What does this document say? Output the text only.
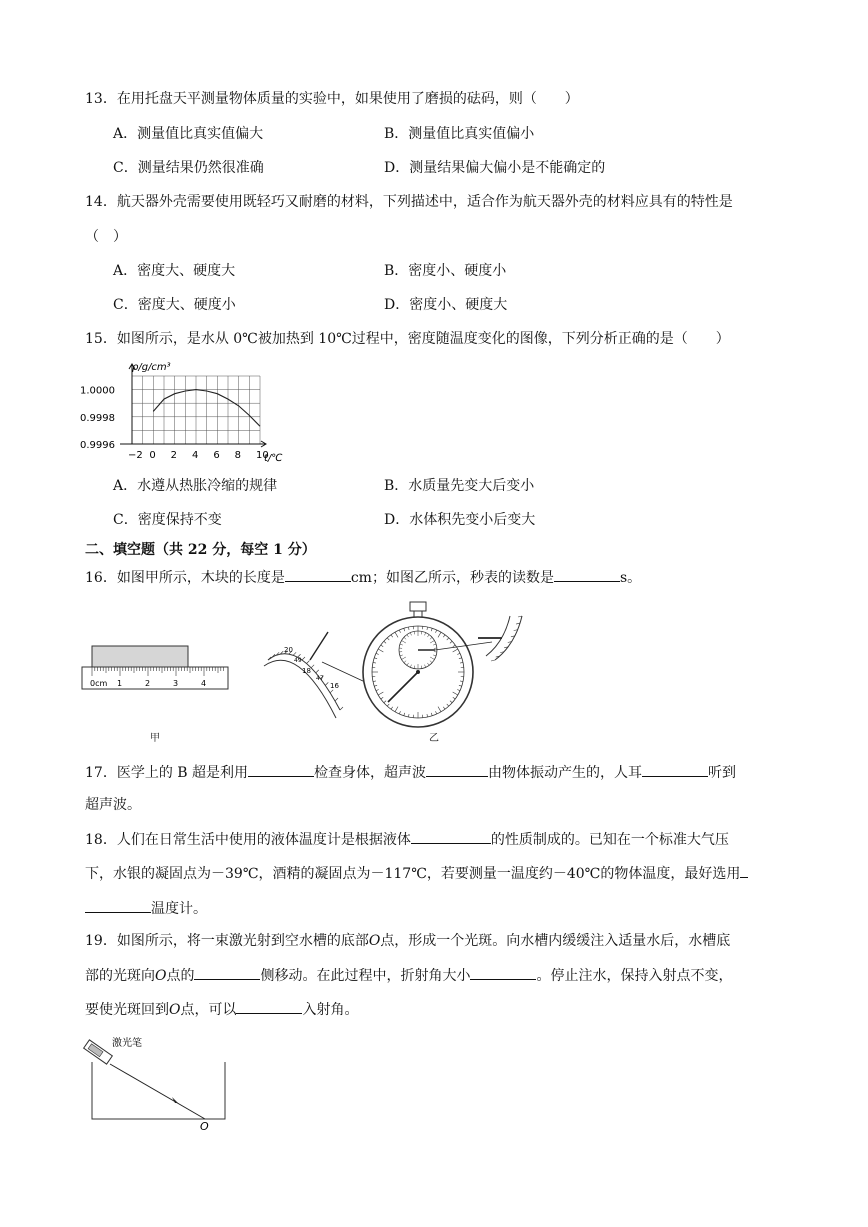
13．在用托盘天平测量物体质量的实验中，如果使用了磨损的砝码，则（　　）
A．测量值比真实值偏大	B．测量值比真实值偏小
C．测量结果仍然很准确	D．测量结果偏大偏小是不能确定的
14．航天器外壳需要使用既轻巧又耐磨的材料，下列描述中，适合作为航天器外壳的材料应具有的特性是
（　）
A．密度大、硬度大	B．密度小、硬度小
C．密度大、硬度小	D．密度小、硬度大
15．如图所示，是水从 0℃被加热到 10℃过程中，密度随温度变化的图像，下列分析正确的是（　　）
−2 0 2 4 6 8 10
1.0000
0.9998
0.9996
ρ/g/cm³
t/℃
A．水遵从热胀冷缩的规律	B．水质量先变大后变小
C．密度保持不变	D．水体积先变小后变大
二、填空题（共 22 分，每空 1 分）
16．如图甲所示，木块的长度是	cm；如图乙所示，秒表的读数是	s。
0cm 1	2	3	4
甲
20
49
18
47
16
乙
17．医学上的 B 超是利用	检查身体，超声波	由物体振动产生的，人耳	听到
超声波。
18．人们在日常生活中使用的液体温度计是根据液体	的性质制成的。已知在一个标准大气压
下，水银的凝固点为－39℃，酒精的凝固点为－117℃，若要测量一温度约－40℃的物体温度，最好选用
温度计。
19．如图所示，将一束激光射到空水槽的底部O点，形成一个光斑。向水槽内缓缓注入适量水后，水槽底
部的光斑向O点的	侧移动。在此过程中，折射角大小	。停止注水，保持入射点不变，
要使光斑回到O点，可以	入射角。
激光笔
O
